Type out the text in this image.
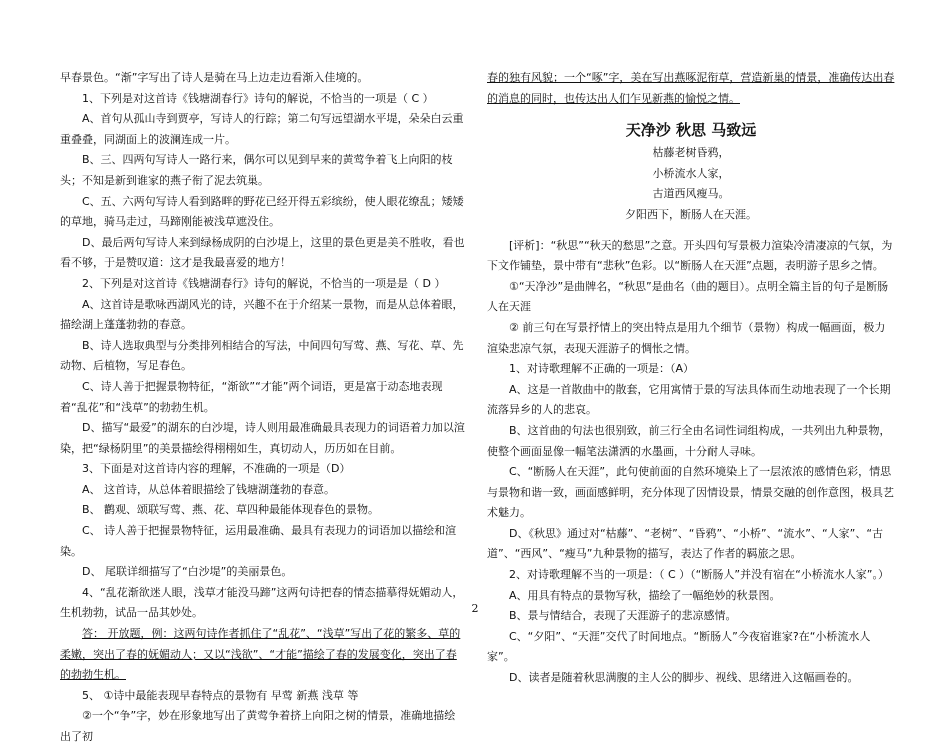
早春景色。“渐”字写出了诗人是骑在马上边走边看渐入佳境的。
1、下列是对这首诗《钱塘湖春行》诗句的解说，不恰当的一项是（ C ）
A、首句从孤山寺到贾亭，写诗人的行踪；第二句写远望湖水平堤，朵朵白云重重叠叠，同湖面上的波澜连成一片。
B、三、四两句写诗人一路行来，偶尔可以见到早来的黄莺争着飞上向阳的枝头；不知是新到谁家的燕子衔了泥去筑巢。
C、五、六两句写诗人看到路畔的野花已经开得五彩缤纷，使人眼花缭乱；矮矮的草地，骑马走过，马蹄刚能被浅草遮没住。
D、最后两句写诗人来到绿杨成阴的白沙堤上，这里的景色更是美不胜收，看也看不够，于是赞叹道：这才是我最喜爱的地方！
2、下列是对这首诗《钱塘湖春行》诗句的解说，不恰当的一项是是（ D ）
A、这首诗是歌咏西湖风光的诗，兴趣不在于介绍某一景物，而是从总体着眼，描绘湖上蓬蓬勃勃的春意。
B、诗人选取典型与分类排列相结合的写法，中间四句写莺、燕、写花、草、先动物、后植物，写足春色。
C、诗人善于把握景物特征，“渐欲”“才能”两个词语，更是富于动态地表现着“乱花”和“浅草”的勃勃生机。
D、描写“最爱”的湖东的白沙堤，诗人则用最准确最具表现力的词语着力加以渲染，把“绿杨阴里”的美景描绘得栩栩如生，真切动人，历历如在目前。
3、下面是对这首诗内容的理解，不准确的一项是（D）
A、 这首诗，从总体着眼描绘了钱塘湖蓬勃的春意。
B、 鹳观、颂联写莺、燕、花、草四种最能体现春色的景物。
C、 诗人善于把握景物特征，运用最准确、最具有表现力的词语加以描绘和渲染。
D、 尾联详细描写了“白沙堤”的美丽景色。
4、“乱花渐欲迷人眼，浅草才能没马蹄”这两句诗把春的情态描摹得妩媚动人，生机勃勃，试品一品其妙处。
答： 开放题，例：这两句诗作者抓住了“乱花”、“浅草”写出了花的繁多、草的柔嫩，突出了春的妩媚动人；又以“浅欲”、“才能”描绘了春的发展变化，突出了春的勃勃生机。
5、 ①诗中最能表现早春特点的景物有 早莺 新燕 浅草 等
②一个“争”字，妙在形象地写出了黄莺争着挤上向阳之树的情景，准确地描绘出了初
春的独有风貌；一个“啄”字，美在写出燕啄泥衔草，营造新巢的情景，准确传达出春的消息的同时，也传达出人们乍见新燕的愉悦之情。
天净沙 秋思 马致远
枯藤老树昏鸦，
小桥流水人家，
古道西风瘦马。
夕阳西下，断肠人在天涯。
[评析]：“秋思”“秋天的愁思”之意。开头四句写景极力渲染冷清凄凉的气氛，为下文作铺垫，景中带有“悲秋”色彩。以“断肠人在天涯”点题，表明游子思乡之情。
①“天净沙”是曲牌名，“秋思”是曲名（曲的题目）。点明全篇主旨的句子是断肠人在天涯
② 前三句在写景抒情上的突出特点是用九个细节（景物）构成一幅画面，极力渲染悲凉气氛，表现天涯游子的惆怅之情。
1、对诗歌理解不正确的一项是：（A）
A、这是一首散曲中的散套，它用寓情于景的写法具体而生动地表现了一个长期流落异乡的人的悲哀。
B、这首曲的句法也很别致，前三行全由名词性词组构成，一共列出九种景物，使整个画面显像一幅笔法潇洒的水墨画，十分耐人寻味。
C、“断肠人在天涯”，此句使前面的自然环境染上了一层浓浓的感情色彩，情思与景物和谐一致，画面感鲜明，充分体现了因情设景，情景交融的创作意图，极具艺术魅力。
D、《秋思》通过对“枯藤”、“老树”、“昏鸦”、“小桥”、“流水”、“人家”、“古道”、“西风”、“瘦马”九种景物的描写，表达了作者的羁旅之思。
2、对诗歌理解不当的一项是：（ C ）（“断肠人”并没有宿在“小桥流水人家”。）
A、用具有特点的景物写秋，描绘了一幅绝妙的秋景图。
B、景与情结合，表现了天涯游子的悲凉感情。
C、“夕阳”、“天涯”交代了时间地点。“断肠人”今夜宿谁家?在“小桥流水人家”。
D、读者是随着秋思满腹的主人公的脚步、视线、思绪进入这幅画卷的。
2
